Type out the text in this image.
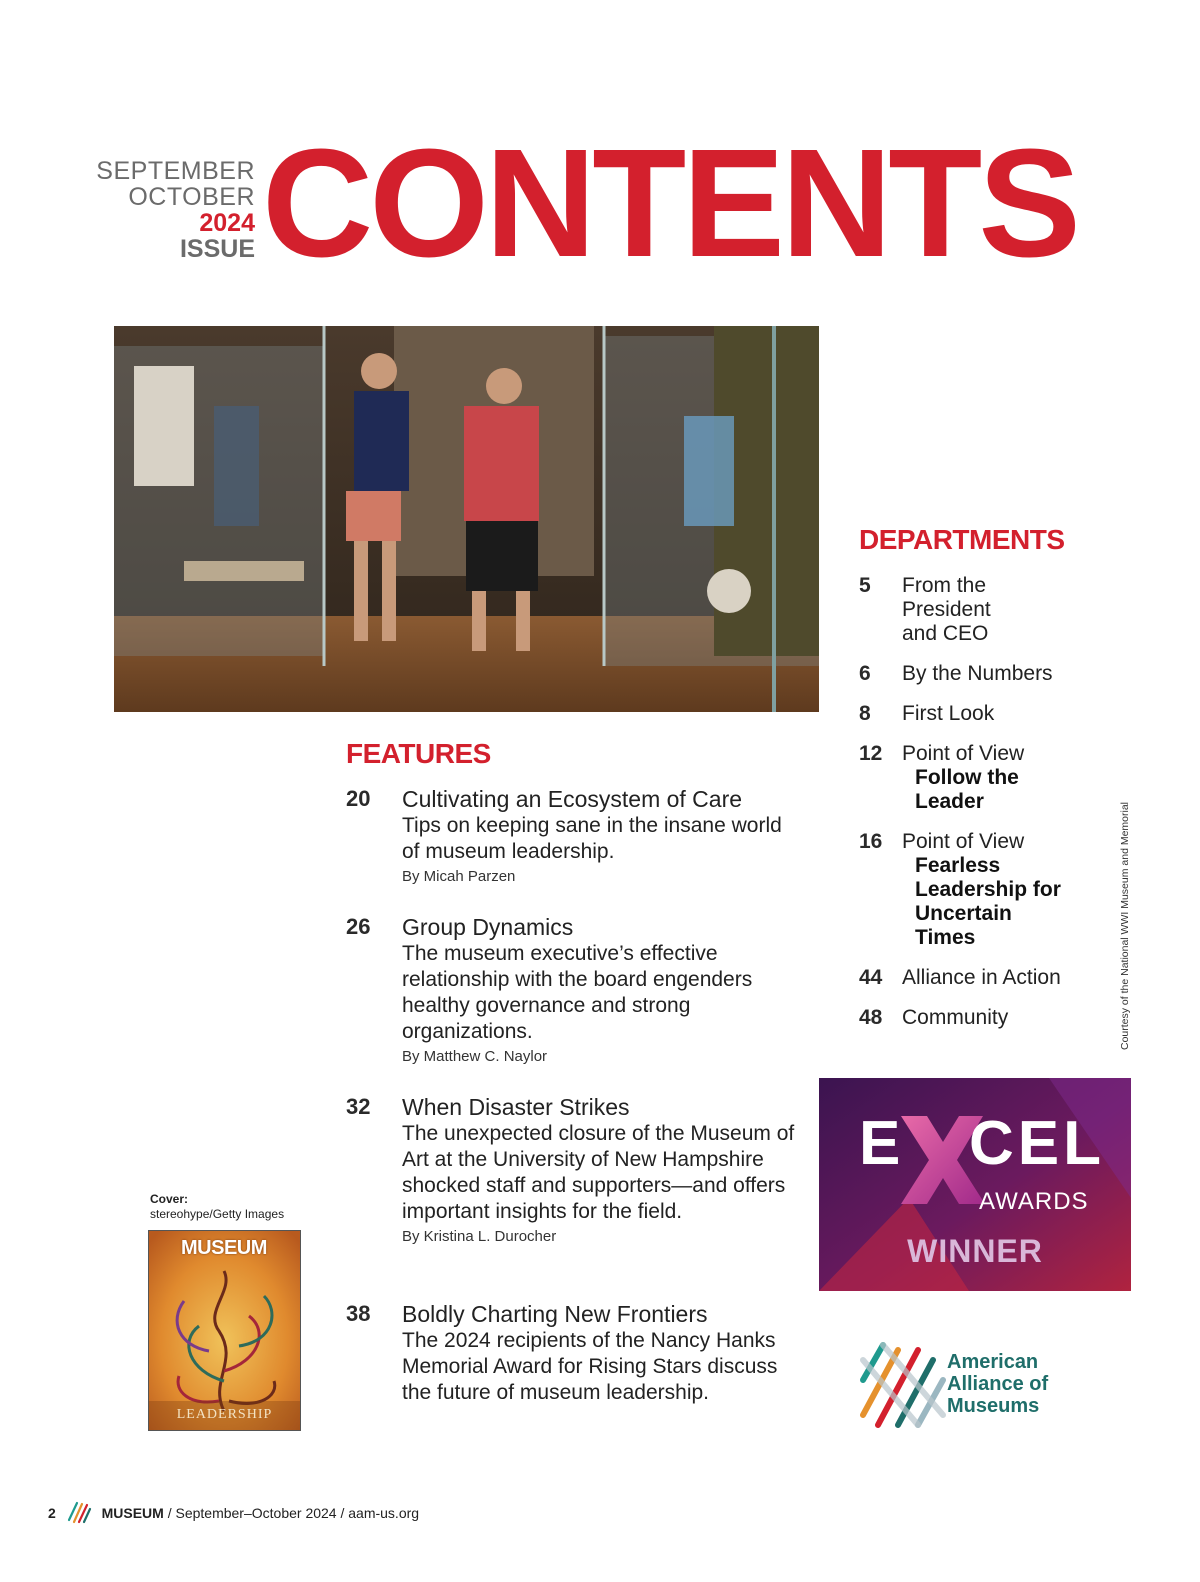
SEPTEMBER
OCTOBER
2024
ISSUE CONTENTS
FEATURES
20 Cultivating an Ecosystem of Care
Tips on keeping sane in the insane world of museum leadership.
By Micah Parzen
26 Group Dynamics
The museum executive’s effective relationship with the board engenders healthy governance and strong organizations.
By Matthew C. Naylor
32 When Disaster Strikes
The unexpected closure of the Museum of Art at the University of New Hampshire shocked staff and supporters—and offers important insights for the field.
By Kristina L. Durocher
38 Boldly Charting New Frontiers
The 2024 recipients of the Nancy Hanks Memorial Award for Rising Stars discuss the future of museum leadership.
DEPARTMENTS
5 From the President and CEO
6 By the Numbers
8 First Look
12 Point of View
Follow the Leader
16 Point of View
Fearless Leadership for Uncertain Times
44 Alliance in Action
48 Community	Courtesy of the National WWI Museum and Memorial
E CEL
AWARDS
WINNER
American
Alliance of
Museums
Cover:
stereohype/Getty Images
MUSEUM
LEADERSHIP
2	MUSEUM / September–October 2024 / aam-us.org
